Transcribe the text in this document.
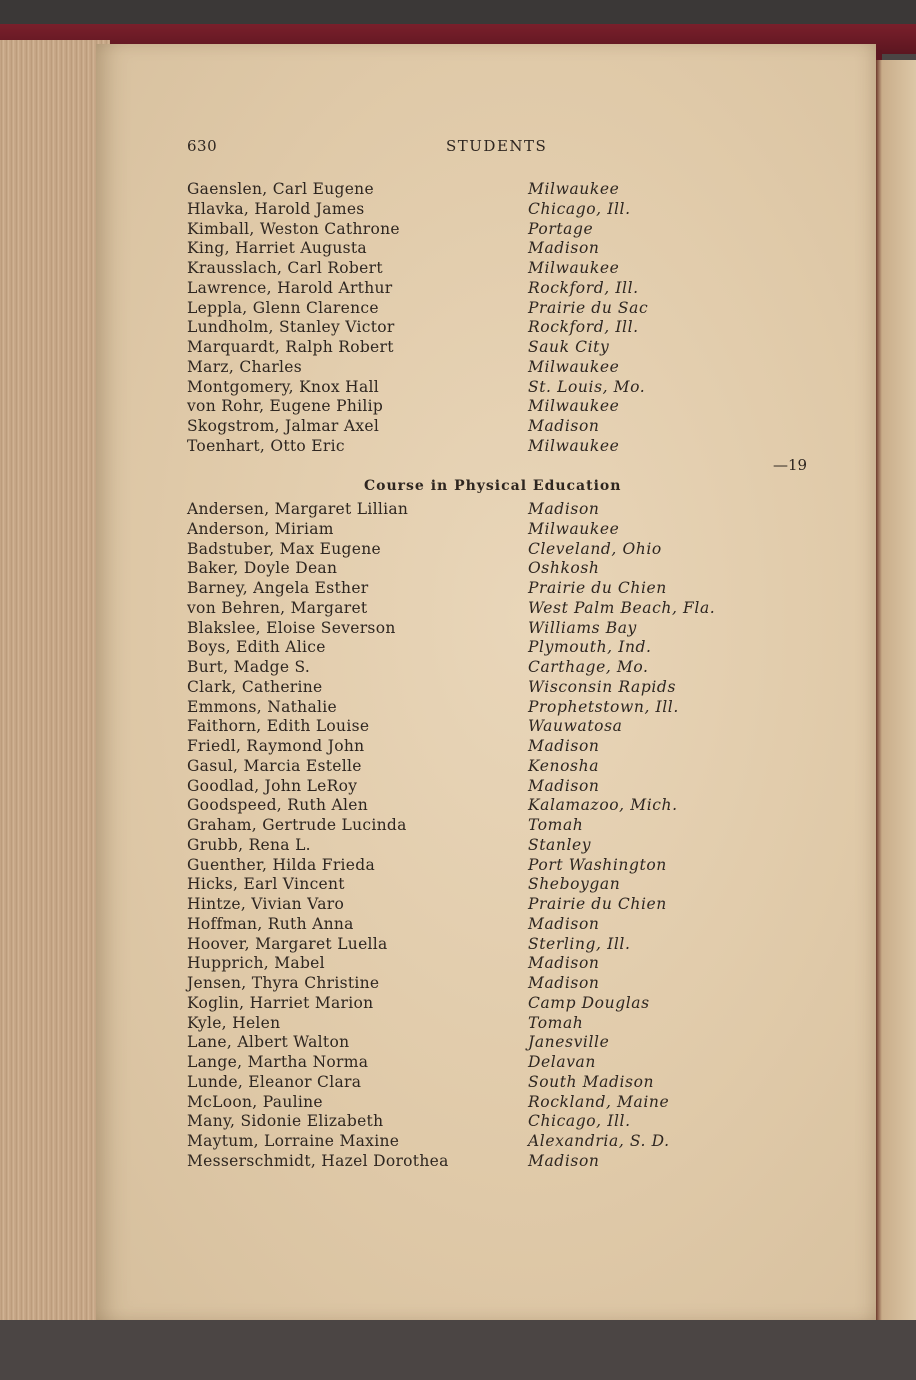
630	STUDENTS
Gaenslen, Carl Eugene	Milwaukee
Hlavka, Harold James	Chicago, Ill.
Kimball, Weston Cathrone	Portage
King, Harriet Augusta	Madison
Krausslach, Carl Robert	Milwaukee
Lawrence, Harold Arthur	Rockford, Ill.
Leppla, Glenn Clarence	Prairie du Sac
Lundholm, Stanley Victor	Rockford, Ill.
Marquardt, Ralph Robert	Sauk City
Marz, Charles	Milwaukee
Montgomery, Knox Hall	St. Louis, Mo.
von Rohr, Eugene Philip	Milwaukee
Skogstrom, Jalmar Axel	Madison
Toenhart, Otto Eric	Milwaukee
Course in Physical Education
—19
Andersen, Margaret Lillian	Madison
Anderson, Miriam	Milwaukee
Badstuber, Max Eugene	Cleveland, Ohio
Baker, Doyle Dean	Oshkosh
Barney, Angela Esther	Prairie du Chien
von Behren, Margaret	West Palm Beach, Fla.
Blakslee, Eloise Severson	Williams Bay
Boys, Edith Alice	Plymouth, Ind.
Burt, Madge S.	Carthage, Mo.
Clark, Catherine	Wisconsin Rapids
Emmons, Nathalie	Prophetstown, Ill.
Faithorn, Edith Louise	Wauwatosa
Friedl, Raymond John	Madison
Gasul, Marcia Estelle	Kenosha
Goodlad, John LeRoy	Madison
Goodspeed, Ruth Alen	Kalamazoo, Mich.
Graham, Gertrude Lucinda	Tomah
Grubb, Rena L.	Stanley
Guenther, Hilda Frieda	Port Washington
Hicks, Earl Vincent	Sheboygan
Hintze, Vivian Varo	Prairie du Chien
Hoffman, Ruth Anna	Madison
Hoover, Margaret Luella	Sterling, Ill.
Hupprich, Mabel	Madison
Jensen, Thyra Christine	Madison
Koglin, Harriet Marion	Camp Douglas
Kyle, Helen	Tomah
Lane, Albert Walton	Janesville
Lange, Martha Norma	Delavan
Lunde, Eleanor Clara	South Madison
McLoon, Pauline	Rockland, Maine
Many, Sidonie Elizabeth	Chicago, Ill.
Maytum, Lorraine Maxine	Alexandria, S. D.
Messerschmidt, Hazel Dorothea	Madison
